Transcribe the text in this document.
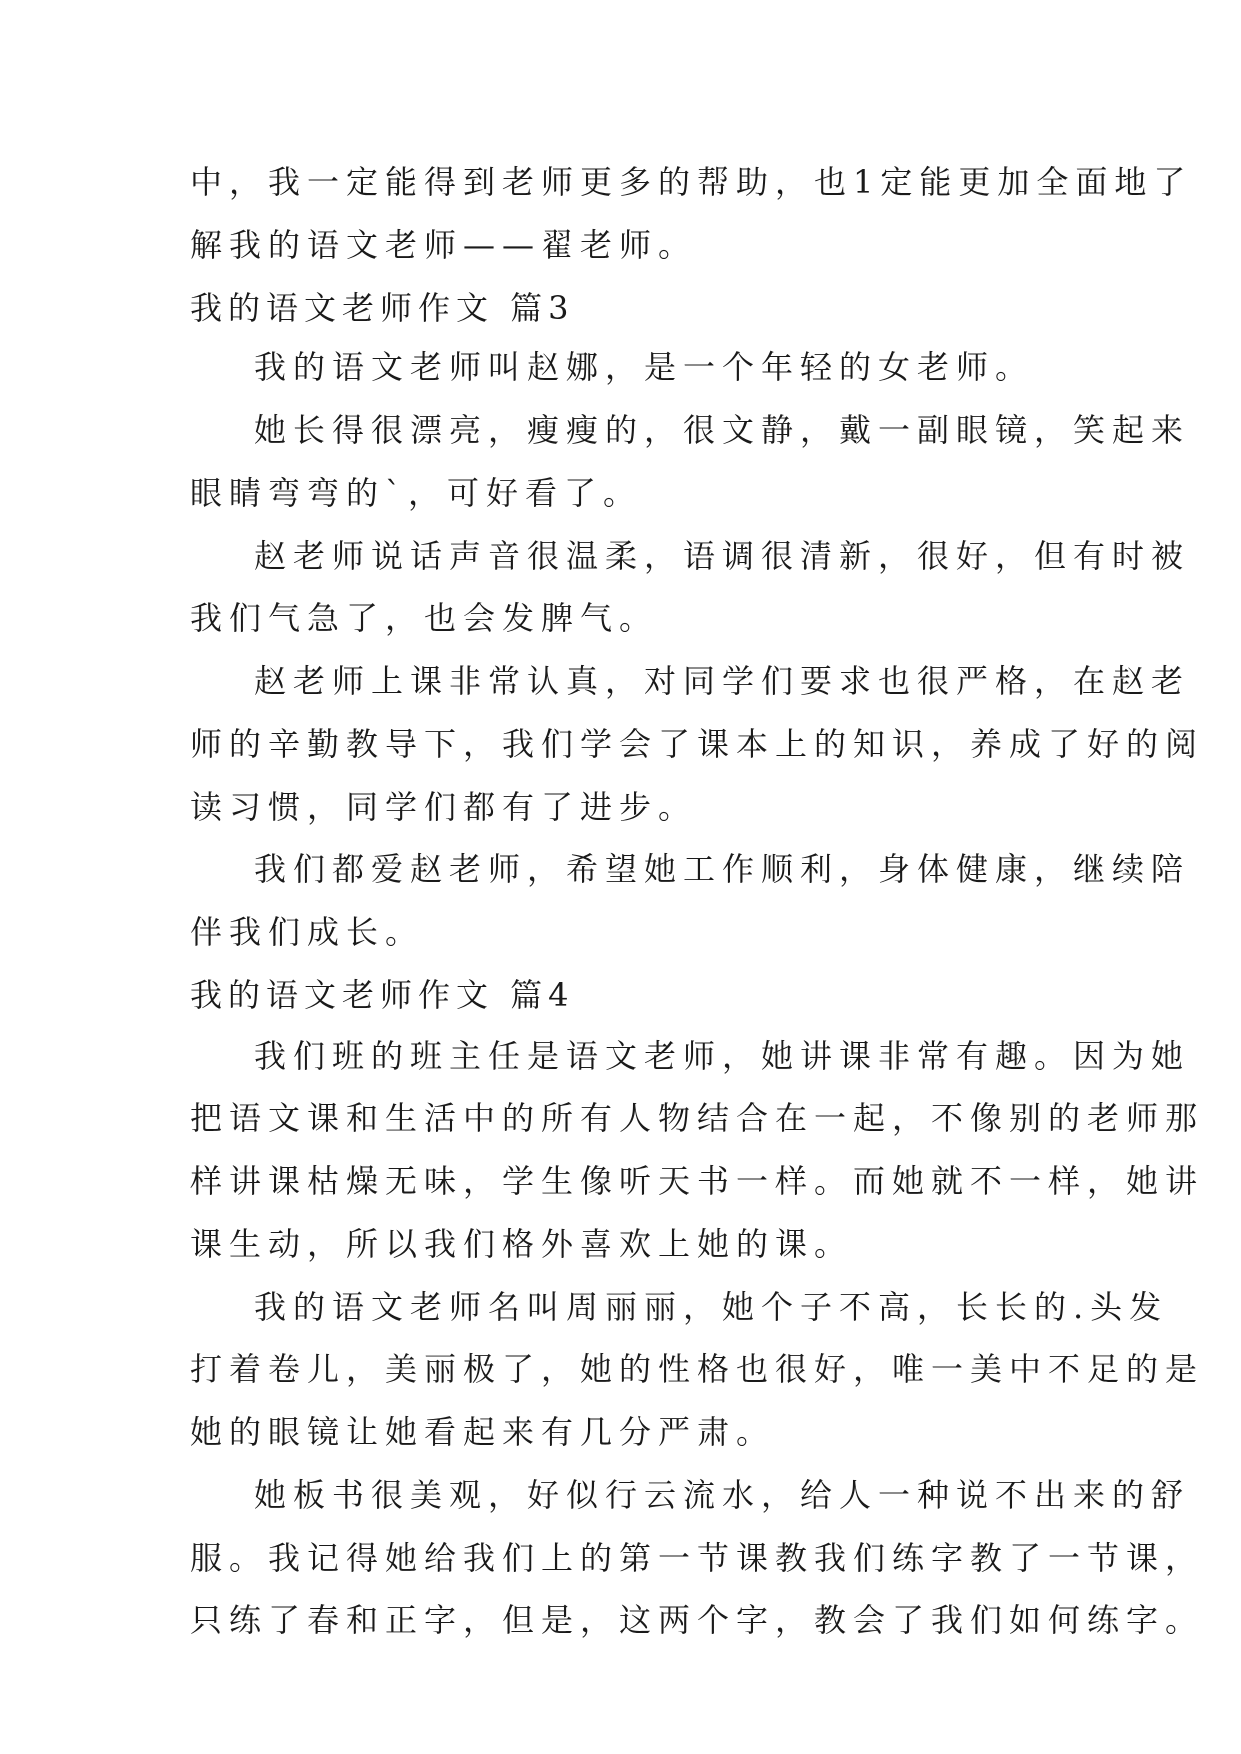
中，我一定能得到老师更多的帮助，也1定能更加全面地了
解我的语文老师——翟老师。
我的语文老师作文 篇3
我的语文老师叫赵娜，是一个年轻的女老师。
她长得很漂亮，瘦瘦的，很文静，戴一副眼镜，笑起来
眼睛弯弯的`，可好看了。
赵老师说话声音很温柔，语调很清新，很好，但有时被
我们气急了，也会发脾气。
赵老师上课非常认真，对同学们要求也很严格，在赵老
师的辛勤教导下，我们学会了课本上的知识，养成了好的阅
读习惯，同学们都有了进步。
我们都爱赵老师，希望她工作顺利，身体健康，继续陪
伴我们成长。
我的语文老师作文 篇4
我们班的班主任是语文老师，她讲课非常有趣。因为她
把语文课和生活中的所有人物结合在一起，不像别的老师那
样讲课枯燥无味，学生像听天书一样。而她就不一样，她讲
课生动，所以我们格外喜欢上她的课。
我的语文老师名叫周丽丽，她个子不高，长长的.头发
打着卷儿，美丽极了，她的性格也很好，唯一美中不足的是
她的眼镜让她看起来有几分严肃。
她板书很美观，好似行云流水，给人一种说不出来的舒
服。我记得她给我们上的第一节课教我们练字教了一节课，
只练了春和正字，但是，这两个字，教会了我们如何练字。
